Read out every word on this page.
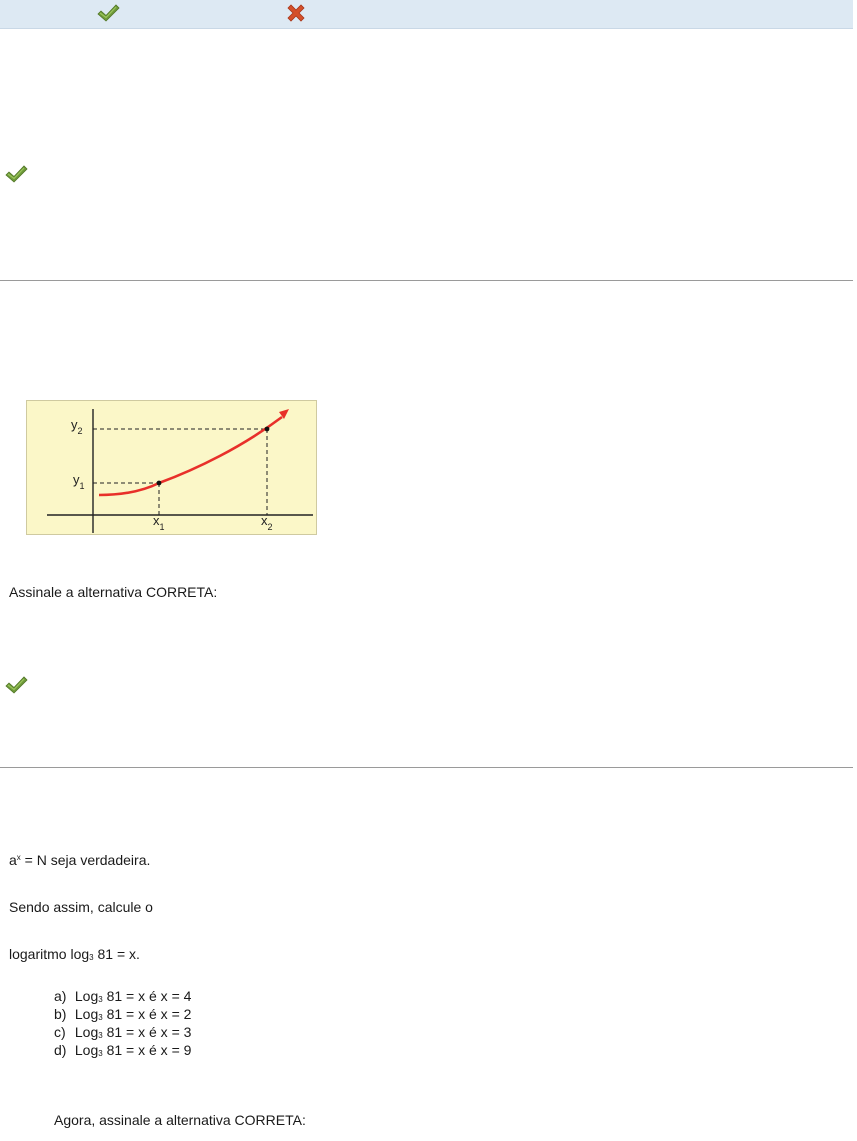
$y_2$
$y_1$
$x_1$	$x_2$
Assinale a alternativa CORRETA:
$a^x = N$ seja verdadeira.
Sendo assim, calcule o
logaritmo $\log_3 81 = x$.
a) Log$_3$ 81 = x é x = 4
b) Log$_3$ 81 = x é x = 2
c) Log$_3$ 81 = x é x = 3
d) Log$_3$ 81 = x é x = 9
Agora, assinale a alternativa CORRETA:
